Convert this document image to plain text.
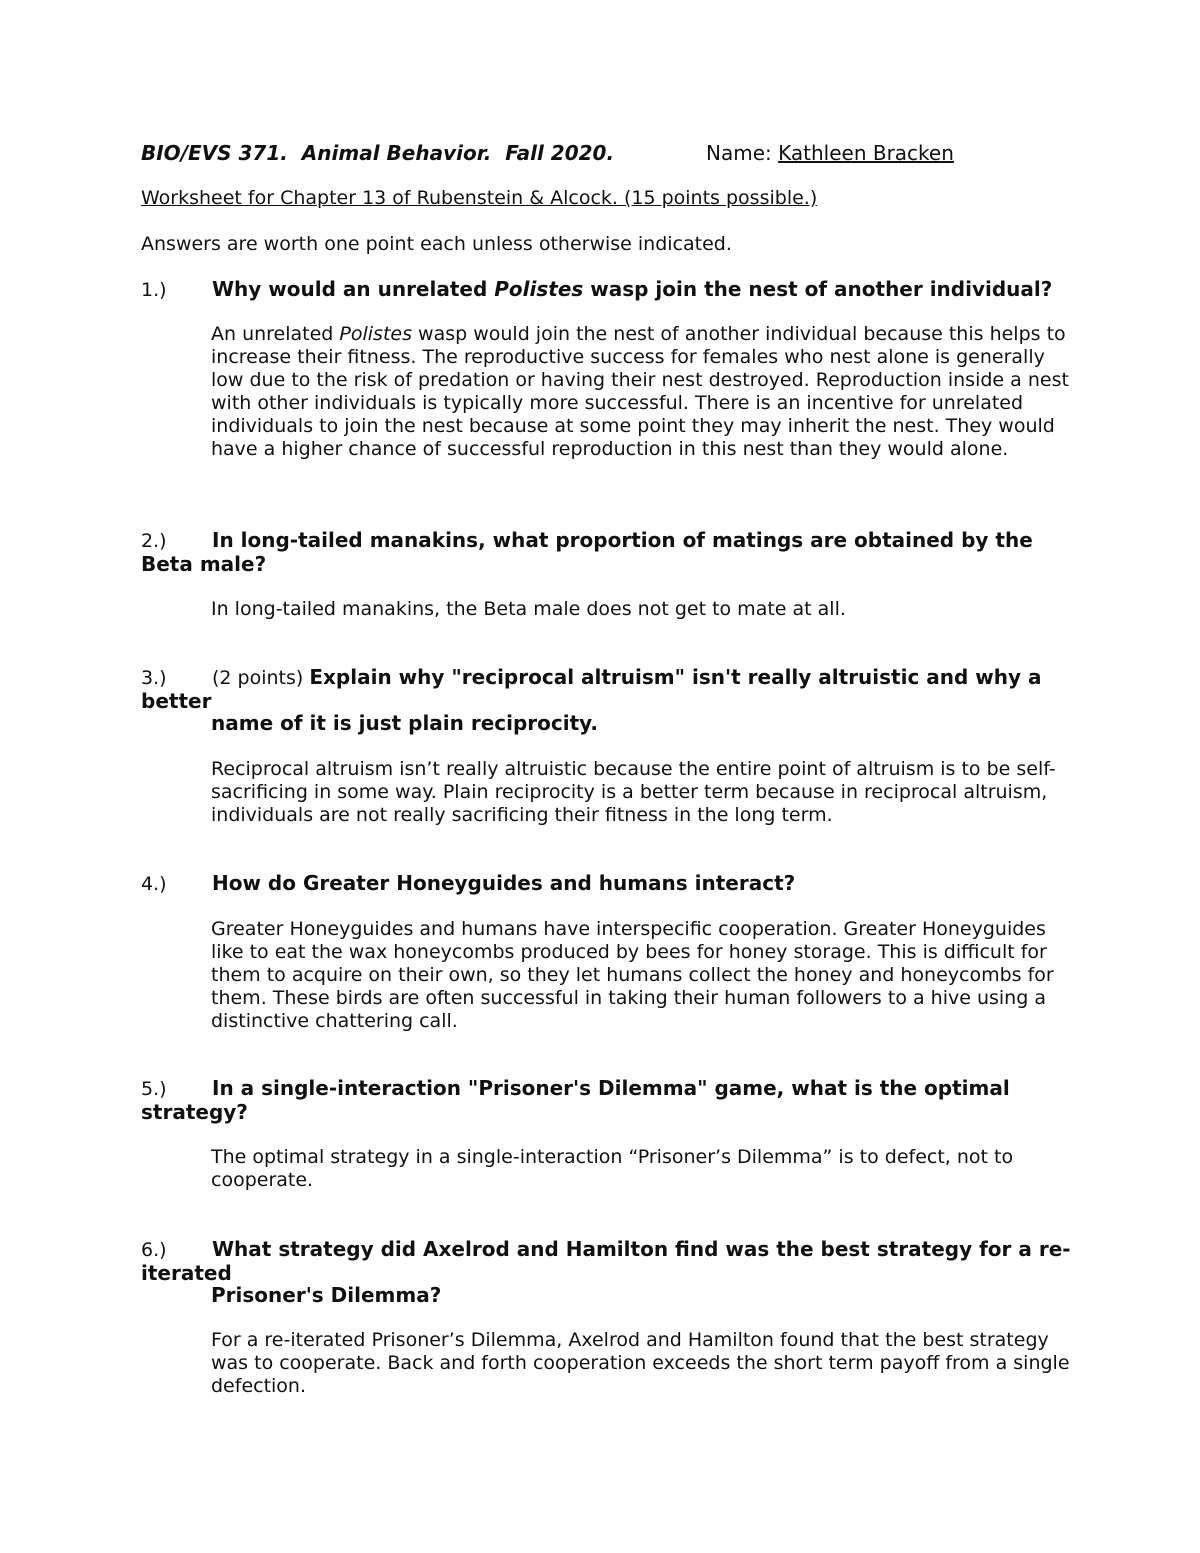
BIO/EVS 371. Animal Behavior. Fall 2020.	Name: Kathleen Bracken

Worksheet for Chapter 13 of Rubenstein & Alcock. (15 points possible.)

Answers are worth one point each unless otherwise indicated.

1.) Why would an unrelated Polistes wasp join the nest of another individual?

An unrelated Polistes wasp would join the nest of another individual because this helps to increase their fitness. The reproductive success for females who nest alone is generally low due to the risk of predation or having their nest destroyed. Reproduction inside a nest with other individuals is typically more successful. There is an incentive for unrelated individuals to join the nest because at some point they may inherit the nest. They would have a higher chance of successful reproduction in this nest than they would alone.

2.) In long-tailed manakins, what proportion of matings are obtained by the
Beta male?

In long-tailed manakins, the Beta male does not get to mate at all.

3.) (2 points) Explain why "reciprocal altruism" isn't really altruistic and why a
better

name of it is just plain reciprocity.

Reciprocal altruism isn’t really altruistic because the entire point of altruism is to be self-sacrificing in some way. Plain reciprocity is a better term because in reciprocal altruism, individuals are not really sacrificing their fitness in the long term.

4.) How do Greater Honeyguides and humans interact?

Greater Honeyguides and humans have interspecific cooperation. Greater Honeyguides like to eat the wax honeycombs produced by bees for honey storage. This is difficult for them to acquire on their own, so they let humans collect the honey and honeycombs for them. These birds are often successful in taking their human followers to a hive using a distinctive chattering call.

5.) In a single-interaction "Prisoner's Dilemma" game, what is the optimal
strategy?

The optimal strategy in a single-interaction “Prisoner’s Dilemma” is to defect, not to cooperate.

6.) What strategy did Axelrod and Hamilton find was the best strategy for a re-
iterated

Prisoner's Dilemma?

For a re-iterated Prisoner’s Dilemma, Axelrod and Hamilton found that the best strategy was to cooperate. Back and forth cooperation exceeds the short term payoff from a single defection.
